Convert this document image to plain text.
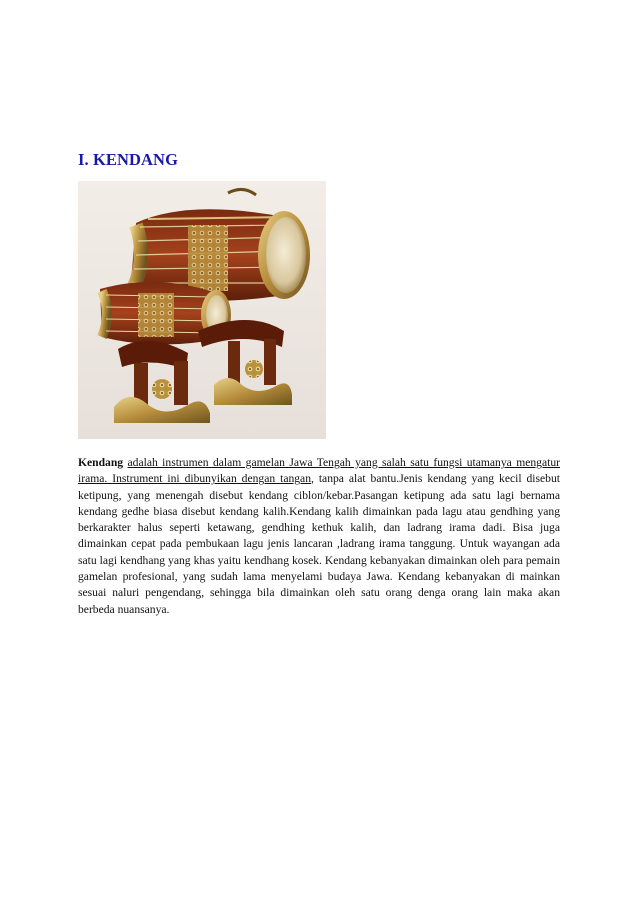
I. KENDANG

Kendang adalah instrumen dalam gamelan Jawa Tengah yang salah satu fungsi utamanya mengatur irama. Instrument ini dibunyikan dengan tangan, tanpa alat bantu.Jenis kendang yang kecil disebut ketipung, yang menengah disebut kendang ciblon/kebar.Pasangan ketipung ada satu lagi bernama kendang gedhe biasa disebut kendang kalih.Kendang kalih dimainkan pada lagu atau gendhing yang berkarakter halus seperti ketawang, gendhing kethuk kalih, dan ladrang irama dadi. Bisa juga dimainkan cepat pada pembukaan lagu jenis lancaran ,ladrang irama tanggung. Untuk wayangan ada satu lagi kendhang yang khas yaitu kendhang kosek. Kendang kebanyakan dimainkan oleh para pemain gamelan profesional, yang sudah lama menyelami budaya Jawa. Kendang kebanyakan di mainkan sesuai naluri pengendang, sehingga bila dimainkan oleh satu orang denga orang lain maka akan berbeda nuansanya.
